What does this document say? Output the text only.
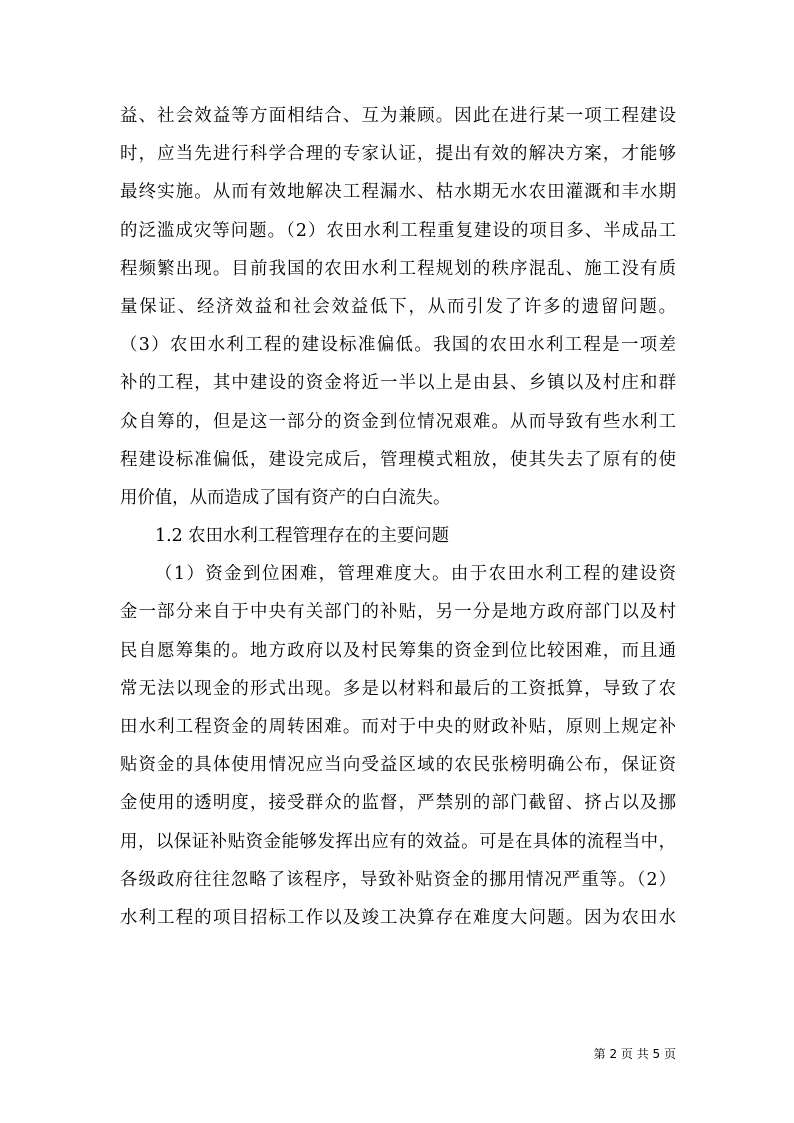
益、社会效益等方面相结合、互为兼顾。因此在进行某一项工程建设
时，应当先进行科学合理的专家认证，提出有效的解决方案，才能够
最终实施。从而有效地解决工程漏水、枯水期无水农田灌溉和丰水期
的泛滥成灾等问题。（2）农田水利工程重复建设的项目多、半成品工
程频繁出现。目前我国的农田水利工程规划的秩序混乱、施工没有质
量保证、经济效益和社会效益低下，从而引发了许多的遗留问题。
（3）农田水利工程的建设标准偏低。我国的农田水利工程是一项差
补的工程，其中建设的资金将近一半以上是由县、乡镇以及村庄和群
众自筹的，但是这一部分的资金到位情况艰难。从而导致有些水利工
程建设标准偏低，建设完成后，管理模式粗放，使其失去了原有的使
用价值，从而造成了国有资产的白白流失。
1.2 农田水利工程管理存在的主要问题
（1）资金到位困难，管理难度大。由于农田水利工程的建设资
金一部分来自于中央有关部门的补贴，另一分是地方政府部门以及村
民自愿筹集的。地方政府以及村民筹集的资金到位比较困难，而且通
常无法以现金的形式出现。多是以材料和最后的工资抵算，导致了农
田水利工程资金的周转困难。而对于中央的财政补贴，原则上规定补
贴资金的具体使用情况应当向受益区域的农民张榜明确公布，保证资
金使用的透明度，接受群众的监督，严禁别的部门截留、挤占以及挪
用，以保证补贴资金能够发挥出应有的效益。可是在具体的流程当中，
各级政府往往忽略了该程序，导致补贴资金的挪用情况严重等。（2）
水利工程的项目招标工作以及竣工决算存在难度大问题。因为农田水
第 2 页 共 5 页
